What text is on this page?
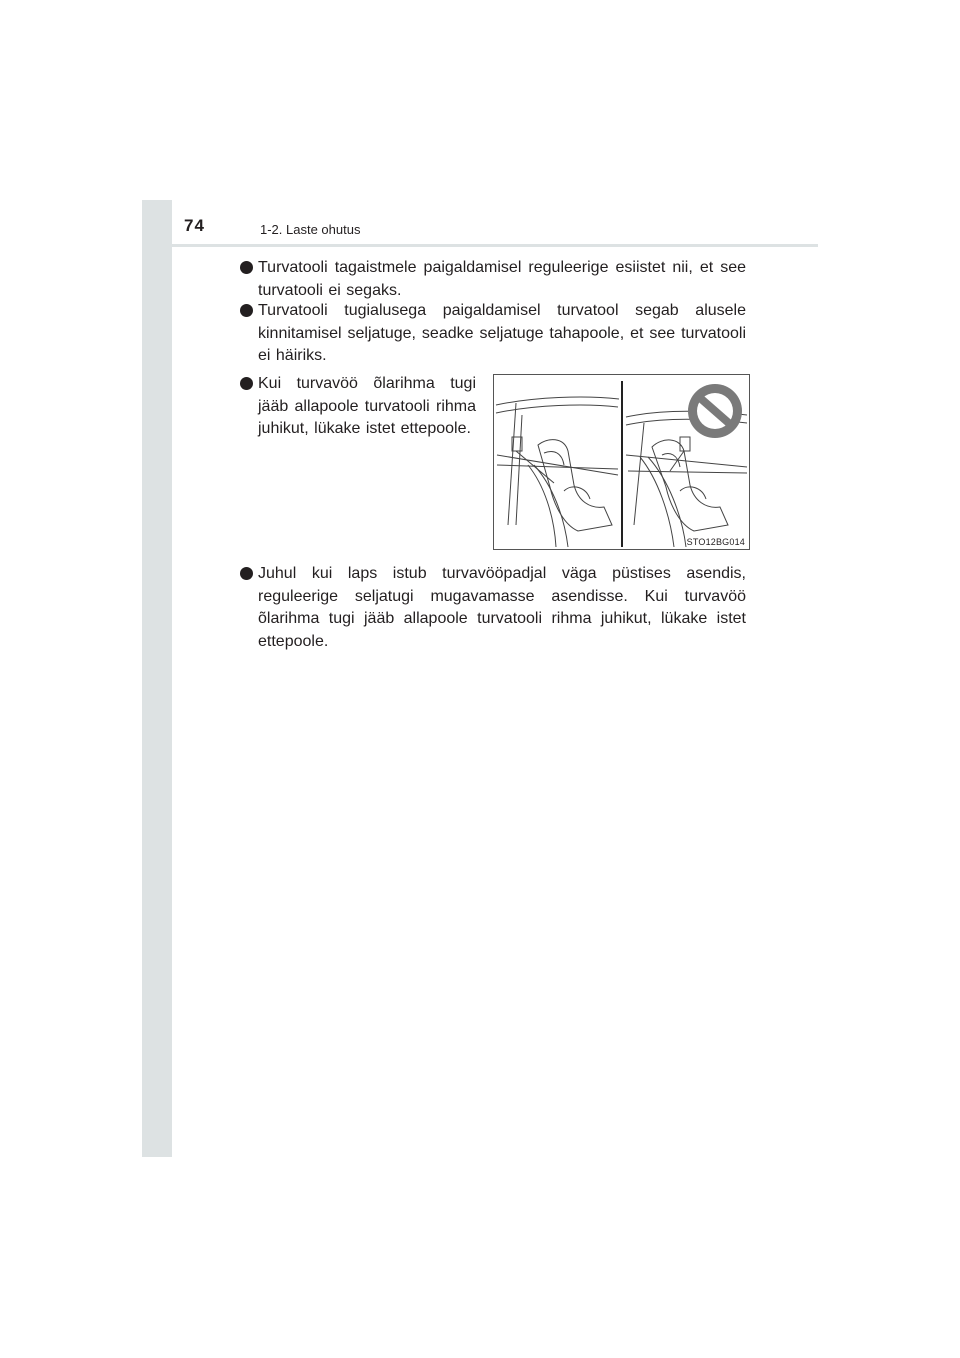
74	1-2. Laste ohutus
Turvatooli tagaistmele paigaldamisel reguleerige esiistet nii, et see turvatooli ei segaks.
Turvatooli tugialusega paigaldamisel turvatool segab alusele kinnitamisel seljatuge, seadke seljatuge tahapoole, et see turvatooli ei häiriks.
Kui turvavöö õlarihma tugi jääb allapoole turvatooli rihma juhikut, lükake istet ettepoole.
STO12BG014
Juhul kui laps istub turvavööpadjal väga püstises asendis, reguleerige seljatugi mugavamasse asendisse. Kui turvavöö õlarihma tugi jääb allapoole turvatooli rihma juhikut, lükake istet ettepoole.
